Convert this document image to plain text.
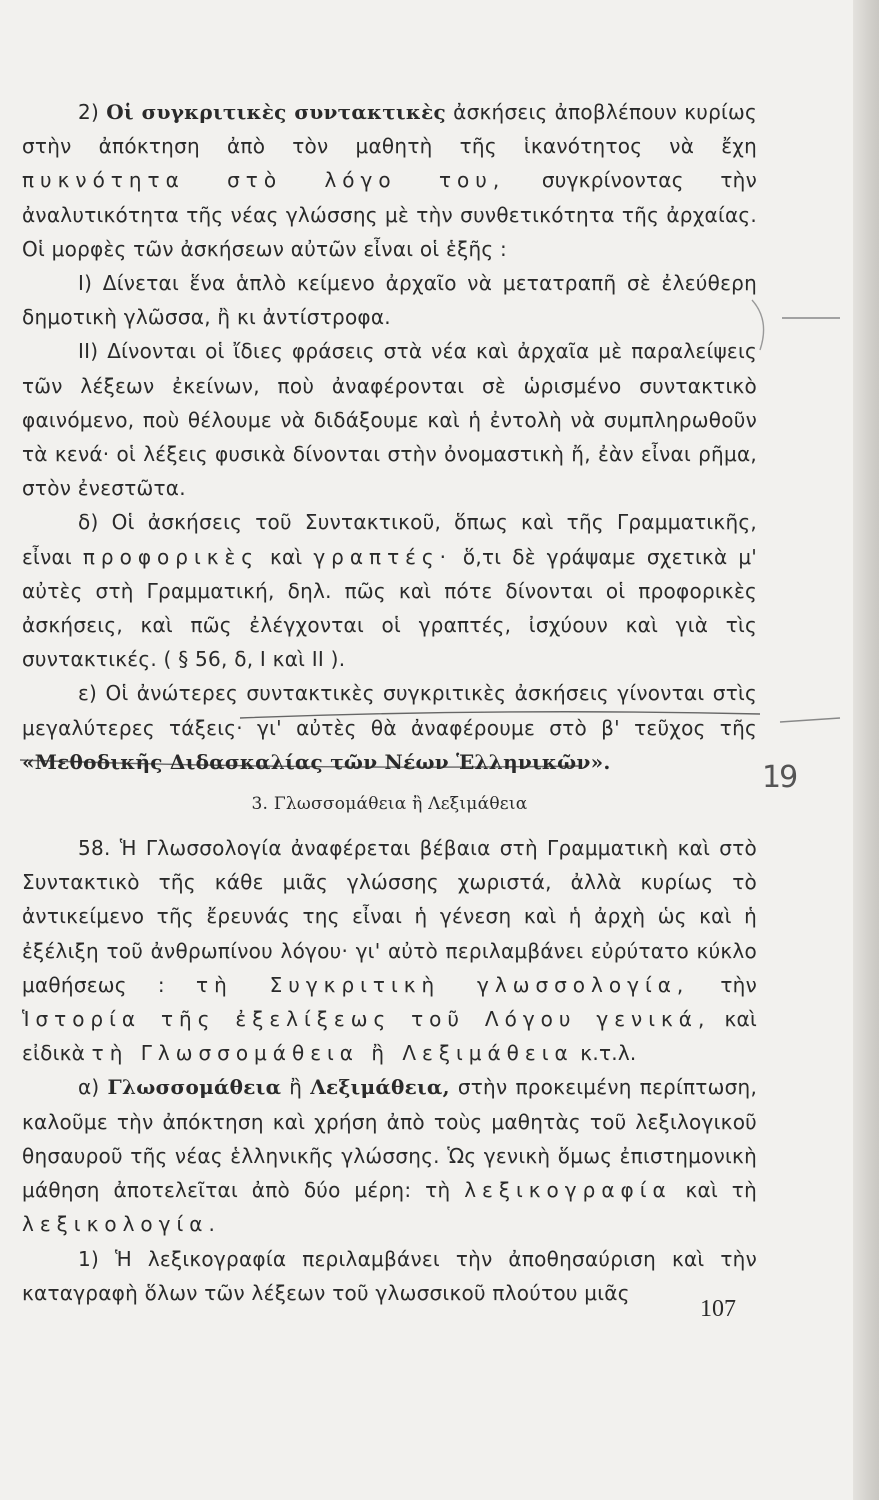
2) Οἱ συγκριτικὲς συντακτικὲς ἀσκήσεις ἀποβλέπουν κυρίως στὴν ἀπόκτηση ἀπὸ τὸν μαθητὴ τῆς ἱκανότητος νὰ ἔχη πυκνότητα στὸ λόγο του, συγκρίνοντας τὴν ἀναλυτικότητα τῆς νέας γλώσσης μὲ τὴν συνθετικότητα τῆς ἀρχαίας. Οἱ μορφὲς τῶν ἀσκήσεων αὐτῶν εἶναι οἱ ἑξῆς :

Ι) Δίνεται ἕνα ἁπλὸ κείμενο ἀρχαῖο νὰ μετατραπῆ σὲ ἐλεύθερη δημοτικὴ γλῶσσα, ἢ κι ἀντίστροφα.

ΙΙ) Δίνονται οἱ ἴδιες φράσεις στὰ νέα καὶ ἀρχαῖα μὲ παραλείψεις τῶν λέξεων ἐκείνων, ποὺ ἀναφέρονται σὲ ὡρισμένο συντακτικὸ φαινόμενο, ποὺ θέλουμε νὰ διδάξουμε καὶ ἡ ἐντολὴ νὰ συμπληρωθοῦν τὰ κενά· οἱ λέξεις φυσικὰ δίνονται στὴν ὀνομαστικὴ ἤ, ἐὰν εἶναι ρῆμα, στὸν ἐνεστῶτα.

δ) Οἱ ἀσκήσεις τοῦ Συντακτικοῦ, ὅπως καὶ τῆς Γραμματικῆς, εἶναι προφορικὲς καὶ γραπτές· ὅ,τι δὲ γράψαμε σχετικὰ μ' αὐτὲς στὴ Γραμματική, δηλ. πῶς καὶ πότε δίνονται οἱ προφορικὲς ἀσκήσεις, καὶ πῶς ἐλέγχονται οἱ γραπτές, ἰσχύουν καὶ γιὰ τὶς συντακτικές. ( § 56, δ, Ι καὶ ΙΙ ).

ε) Οἱ ἀνώτερες συντακτικὲς συγκριτικὲς ἀσκήσεις γίνονται στὶς μεγαλύτερες τάξεις· γι' αὐτὲς θὰ ἀναφέρουμε στὸ β' τεῦχος τῆς «Μεθοδικῆς Διδασκαλίας τῶν Νέων Ἑλληνικῶν».

3. Γλωσσομάθεια ἢ Λεξιμάθεια

58. Ἡ Γλωσσολογία ἀναφέρεται βέβαια στὴ Γραμματικὴ καὶ στὸ Συντακτικὸ τῆς κάθε μιᾶς γλώσσης χωριστά, ἀλλὰ κυρίως τὸ ἀντικείμενο τῆς ἔρευνάς της εἶναι ἡ γένεση καὶ ἡ ἀρχὴ ὡς καὶ ἡ ἐξέλιξη τοῦ ἀνθρωπίνου λόγου· γι' αὐτὸ περιλαμβάνει εὐρύτατο κύκλο μαθήσεως : τὴ Συγκριτικὴ γλωσσολογία, τὴν Ἱστορία τῆς ἐξελίξεως τοῦ Λόγου γενικά, καὶ εἰδικὰ τὴ Γλωσσομάθεια ἢ Λεξιμάθεια κ.τ.λ.

α) Γλωσσομάθεια ἢ Λεξιμάθεια, στὴν προκειμένη περίπτωση, καλοῦμε τὴν ἀπόκτηση καὶ χρήση ἀπὸ τοὺς μαθητὰς τοῦ λεξιλογικοῦ θησαυροῦ τῆς νέας ἑλληνικῆς γλώσσης. Ὡς γενικὴ ὅμως ἐπιστημονικὴ μάθηση ἀποτελεῖται ἀπὸ δύο μέρη: τὴ λεξικογραφία καὶ τὴ λεξικολογία.

1) Ἡ λεξικογραφία περιλαμβάνει τὴν ἀποθησαύριση καὶ τὴν καταγραφὴ ὅλων τῶν λέξεων τοῦ γλωσσικοῦ πλούτου μιᾶς

19
107
